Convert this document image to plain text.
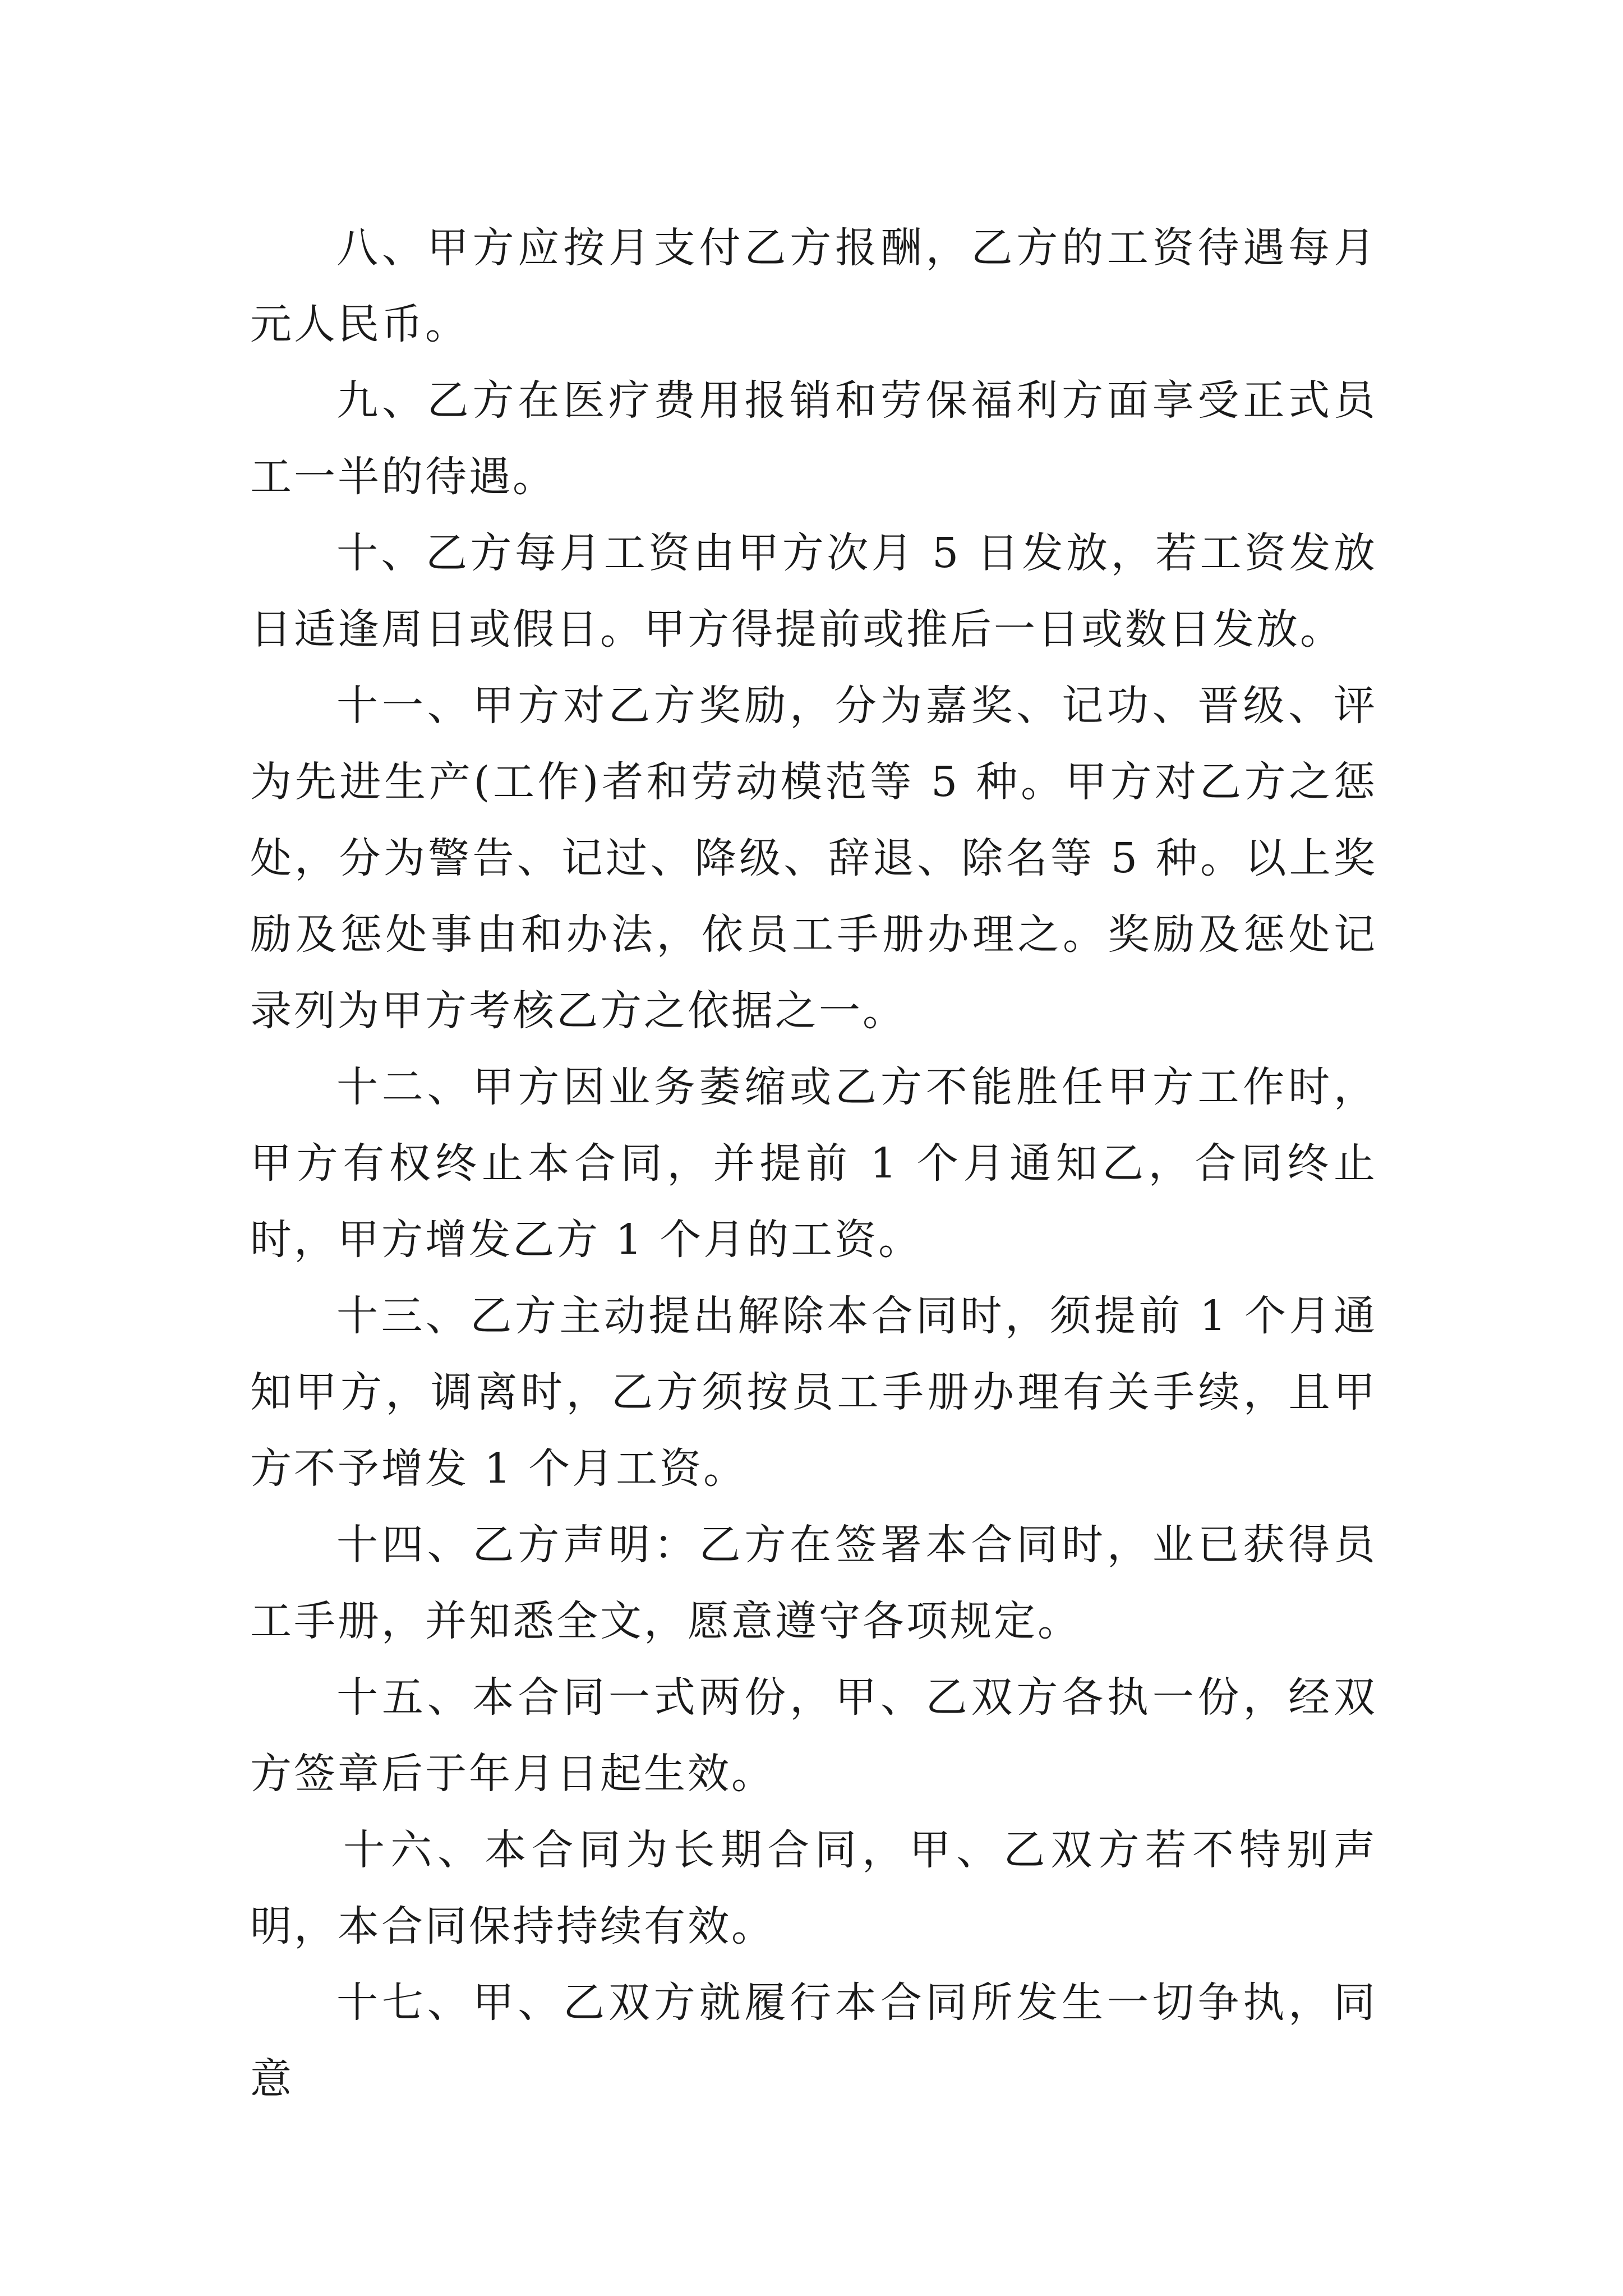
八、甲方应按月支付乙方报酬，乙方的工资待遇每月元人民币。

九、乙方在医疗费用报销和劳保福利方面享受正式员工一半的待遇。

十、乙方每月工资由甲方次月 5 日发放，若工资发放日适逢周日或假日。甲方得提前或推后一日或数日发放。

十一、甲方对乙方奖励，分为嘉奖、记功、晋级、评为先进生产(工作)者和劳动模范等 5 种。甲方对乙方之惩处，分为警告、记过、降级、辞退、除名等 5 种。以上奖励及惩处事由和办法，依员工手册办理之。奖励及惩处记录列为甲方考核乙方之依据之一。

十二、甲方因业务萎缩或乙方不能胜任甲方工作时，甲方有权终止本合同，并提前 1 个月通知乙，合同终止时，甲方增发乙方 1 个月的工资。

十三、乙方主动提出解除本合同时，须提前 1 个月通知甲方，调离时，乙方须按员工手册办理有关手续，且甲方不予增发 1 个月工资。

十四、乙方声明：乙方在签署本合同时，业已获得员工手册，并知悉全文，愿意遵守各项规定。

十五、本合同一式两份，甲、乙双方各执一份，经双方签章后于年月日起生效。

十六、本合同为长期合同，甲、乙双方若不特别声明，本合同保持持续有效。

十七、甲、乙双方就履行本合同所发生一切争执，同意
